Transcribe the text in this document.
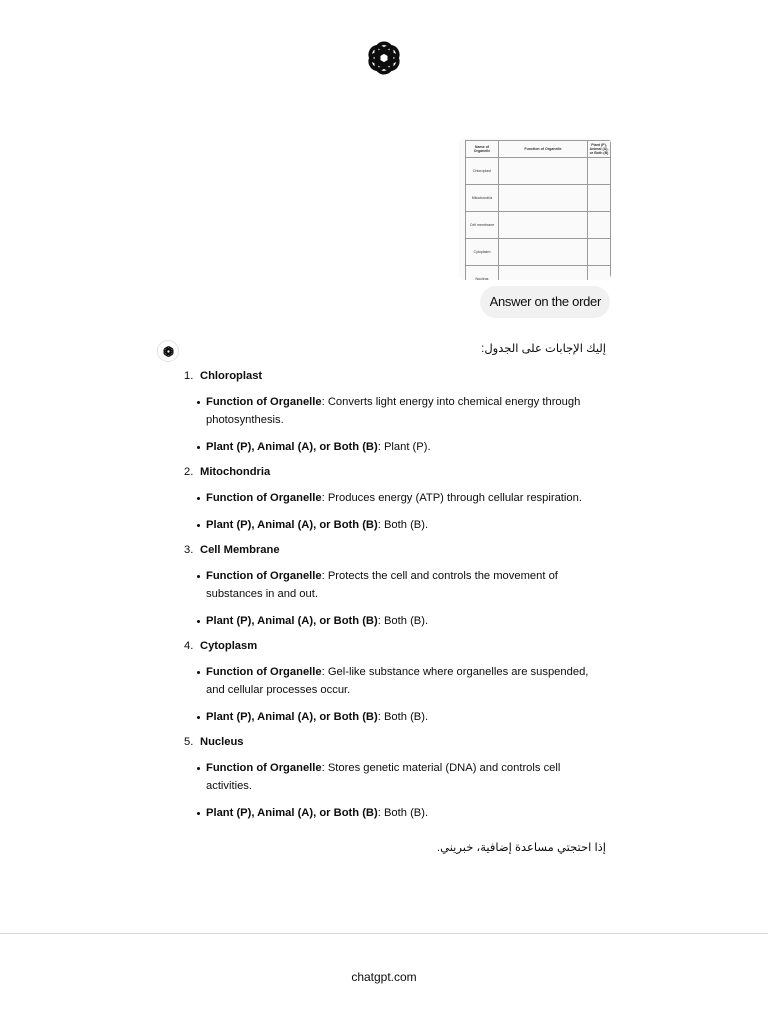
Name of Organelle	Function of Organelle	Plant (P), Animal (A), or Both (B)
Chloroplast		
Mitochondria		
Cell membrane		
Cytoplasm		
Nucleus		
Answer on the order
إليك الإجابات على الجدول:
1. Chloroplast
Function of Organelle: Converts light energy into chemical energy through photosynthesis.
Plant (P), Animal (A), or Both (B): Plant (P).
2. Mitochondria
Function of Organelle: Produces energy (ATP) through cellular respiration.
Plant (P), Animal (A), or Both (B): Both (B).
3. Cell Membrane
Function of Organelle: Protects the cell and controls the movement of substances in and out.
Plant (P), Animal (A), or Both (B): Both (B).
4. Cytoplasm
Function of Organelle: Gel-like substance where organelles are suspended, and cellular processes occur.
Plant (P), Animal (A), or Both (B): Both (B).
5. Nucleus
Function of Organelle: Stores genetic material (DNA) and controls cell activities.
Plant (P), Animal (A), or Both (B): Both (B).
إذا احتجتي مساعدة إضافية، خبريني.
chatgpt.com
